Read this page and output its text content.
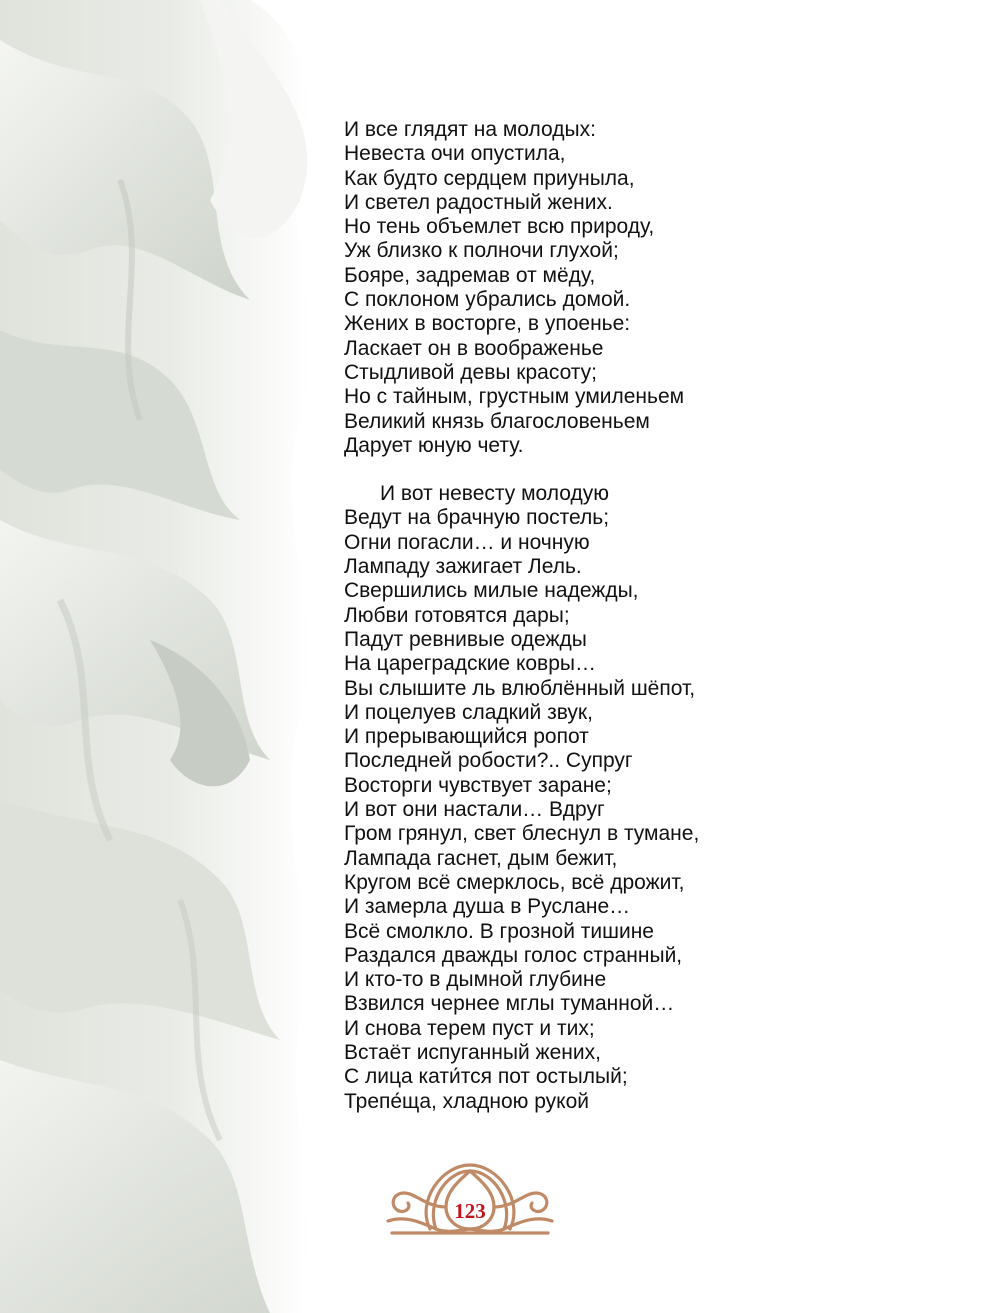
И все глядят на молодых:
Невеста очи опустила,
Как будто сердцем приуныла,
И светел радостный жених.
Но тень объемлет всю природу,
Уж близко к полночи глухой;
Бояре, задремав от мёду,
С поклоном убрались домой.
Жених в восторге, в упоенье:
Ласкает он в воображенье
Стыдливой девы красоту;
Но с тайным, грустным умиленьем
Великий князь благословеньем
Дарует юную чету.

И вот невесту молодую
Ведут на брачную постель;
Огни погасли… и ночную
Лампаду зажигает Лель.
Свершились милые надежды,
Любви готовятся дары;
Падут ревнивые одежды
На цареградские ковры…
Вы слышите ль влюблённый шёпот,
И поцелуев сладкий звук,
И прерывающийся ропот
Последней робости?.. Супруг
Восторги чувствует заране;
И вот они настали… Вдруг
Гром грянул, свет блеснул в тумане,
Лампада гаснет, дым бежит,
Кругом всё смерклось, всё дрожит,
И замерла душа в Руслане…
Всё смолкло. В грозной тишине
Раздался дважды голос странный,
И кто-то в дымной глубине
Взвился чернее мглы туманной…
И снова терем пуст и тих;
Встаёт испуганный жених,
С лица кати́тся пот остылый;
Трепе́ща, хладною рукой

123
